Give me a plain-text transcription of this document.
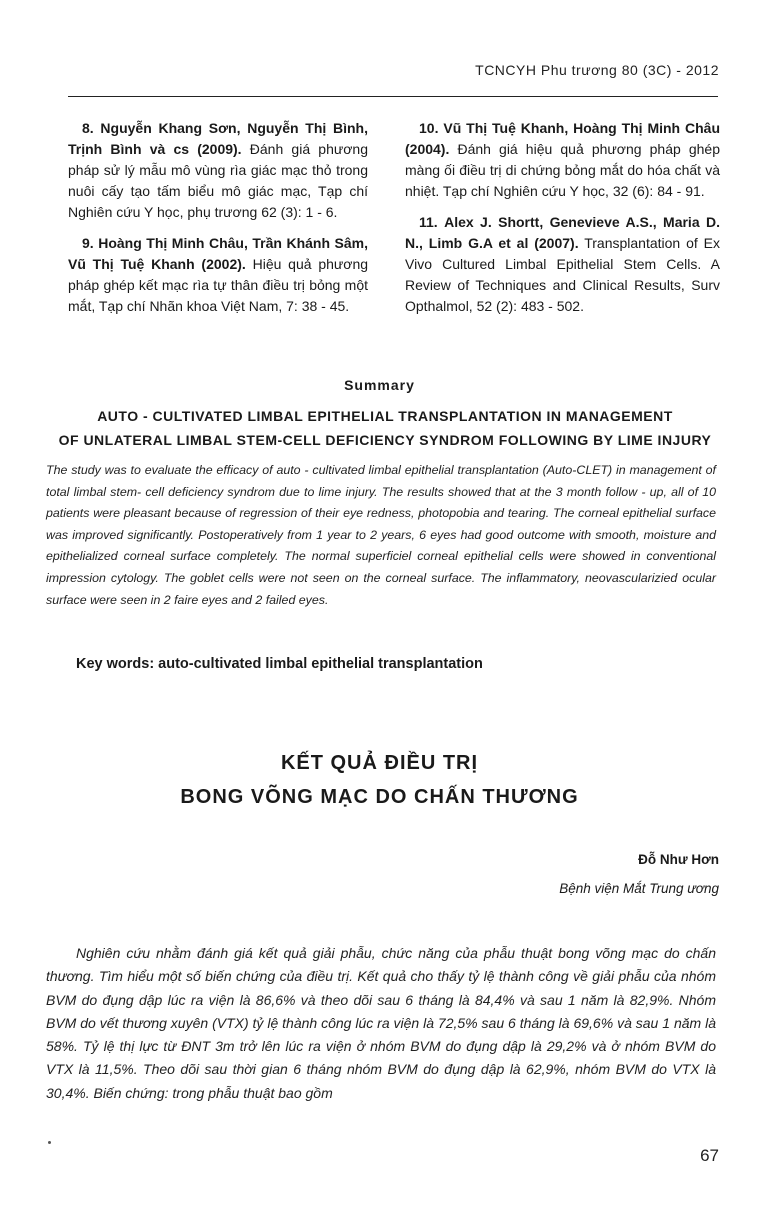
TCNCYH Phu trương 80 (3C) - 2012

8. Nguyễn Khang Sơn, Nguyễn Thị Bình, Trịnh Bình và cs (2009). Đánh giá phương pháp sử lý mẫu mô vùng rìa giác mạc thỏ trong nuôi cấy tạo tấm biểu mô giác mạc, Tạp chí Nghiên cứu Y học, phụ trương 62 (3): 1 - 6.

9. Hoàng Thị Minh Châu, Trần Khánh Sâm, Vũ Thị Tuệ Khanh (2002). Hiệu quả phương pháp ghép kết mạc rìa tự thân điều trị bỏng một mắt, Tạp chí Nhãn khoa Việt Nam, 7: 38 - 45.

10. Vũ Thị Tuệ Khanh, Hoàng Thị Minh Châu (2004). Đánh giá hiệu quả phương pháp ghép màng ối điều trị di chứng bỏng mắt do hóa chất và nhiệt. Tạp chí Nghiên cứu Y học, 32 (6): 84 - 91.

11. Alex J. Shortt, Genevieve A.S., Maria D. N., Limb G.A et al (2007). Transplantation of Ex Vivo Cultured Limbal Epithelial Stem Cells. A Review of Techniques and Clinical Results, Surv Opthalmol, 52 (2): 483 - 502.

Summary
AUTO - CULTIVATED LIMBAL EPITHELIAL TRANSPLANTATION IN MANAGEMENT
OF UNLATERAL LIMBAL STEM-CELL DEFICIENCY SYNDROM FOLLOWING BY LIME INJURY
The study was to evaluate the efficacy of auto - cultivated limbal epithelial transplantation (Auto-CLET) in management of total limbal stem- cell deficiency syndrom due to lime injury. The results showed that at the 3 month follow - up, all of 10 patients were pleasant because of regression of their eye redness, photopobia and tearing. The corneal epithelial surface was improved significantly. Postoperatively from 1 year to 2 years, 6 eyes had good outcome with smooth, moisture and epithelialized corneal surface completely. The normal superficiel corneal epithelial cells were showed in conventional impression cytology. The goblet cells were not seen on the corneal surface. The inflammatory, neovascularizied ocular surface were seen in 2 faire eyes and 2 failed eyes.
Key words: auto-cultivated limbal epithelial transplantation
KẾT QUẢ ĐIỀU TRỊ
BONG VÕNG MẠC DO CHẤN THƯƠNG
Đỗ Như Hơn
Bệnh viện Mắt Trung ương

Nghiên cứu nhằm đánh giá kết quả giải phẫu, chức năng của phẫu thuật bong võng mạc do chấn thương. Tìm hiểu một số biến chứng của điều trị. Kết quả cho thấy tỷ lệ thành công về giải phẫu của nhóm BVM do đụng dập lúc ra viện là 86,6% và theo dõi sau 6 tháng là 84,4% và sau 1 năm là 82,9%. Nhóm BVM do vết thương xuyên (VTX) tỷ lệ thành công lúc ra viện là 72,5% sau 6 tháng là 69,6% và sau 1 năm là 58%. Tỷ lệ thị lực từ ĐNT 3m trở lên lúc ra viện ở nhóm BVM do đụng dập là 29,2% và ở nhóm BVM do VTX là 11,5%. Theo dõi sau thời gian 6 tháng nhóm BVM do đụng dập là 62,9%, nhóm BVM do VTX là 30,4%. Biến chứng: trong phẫu thuật bao gồm

67
